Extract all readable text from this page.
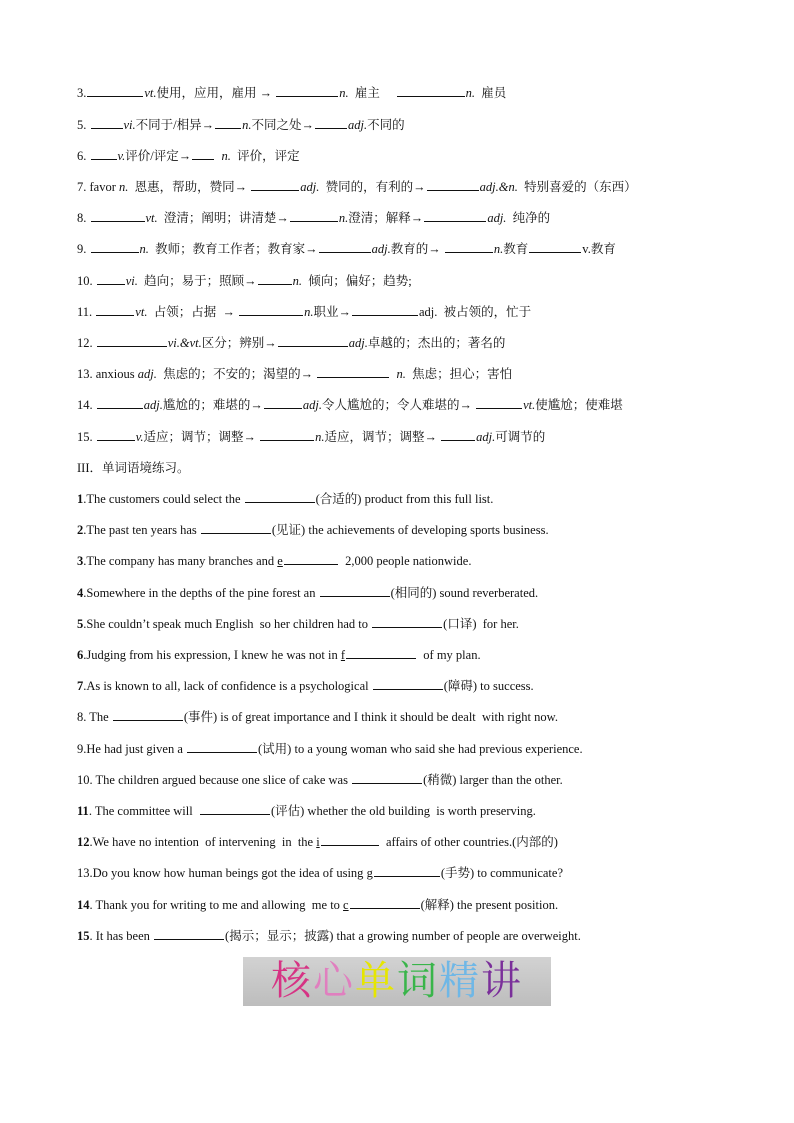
3.	vt.使用，应用，雇用 →	n.  雇主	n.  雇员
5.	vi.不同于/相异→ n.不同之处→	adj.不同的
6. v.评价/评定→ n.  评价，评定
7. favor n.  恩惠，帮助，赞同→	adj.  赞同的，有利的→	adj.&n.  特别喜爱的（东西）
8.	vt.  澄清；阐明；讲清楚→	n.澄清；解释→	adj.  纯净的
9.	n.  教师；教育工作者；教育家→	adj.教育的→	n.教育	v.教育
10.	vi.  趋向；易于；照顾→	n.  倾向；偏好；趋势;
11.	vt.  占领；占据  →	n.职业→	adj.  被占领的，忙于
12.	vi.&vt.区分；辨别→	adj.卓越的；杰出的；著名的
13. anxious adj.  焦虑的；不安的；渴望的→	n.  焦虑；担心；害怕
14.	adj.尴尬的；难堪的→	adj.令人尴尬的；令人难堪的→	vt.使尴尬；使难堪
15.	v.适应；调节；调整→	n.适应，调节；调整→	adj.可调节的
III．单词语境练习。
1.The customers could select the	(合适的) product from this full list.
2.The past ten years has	(见证) the achievements of developing sports business.
3.The company has many branches and e	2,000 people nationwide.
4.Somewhere in the depths of the pine forest an	(相同的) sound reverberated.
5.She couldn’t speak much English  so her children had to	(口译)  for her.
6.Judging from his expression, I knew he was not in f	of my plan.
7.As is known to all, lack of confidence is a psychological	(障碍) to success.
8. The	(事件) is of great importance and I think it should be dealt  with right now.
9.He had just given a	(试用) to a young woman who said she had previous experience.
10. The children argued because one slice of cake was	(稍微) larger than the other.
11. The committee will	(评估) whether the old building  is worth preserving.
12.We have no intention  of intervening  in  the i	affairs of other countries.(内部的)
13.Do you know how human beings got the idea of using g	(手势) to communicate?
14. Thank you for writing to me and allowing  me to c	(解释) the present position.
15. It has been	(揭示；显示；披露) that a growing number of people are overweight.
核心单词精讲
